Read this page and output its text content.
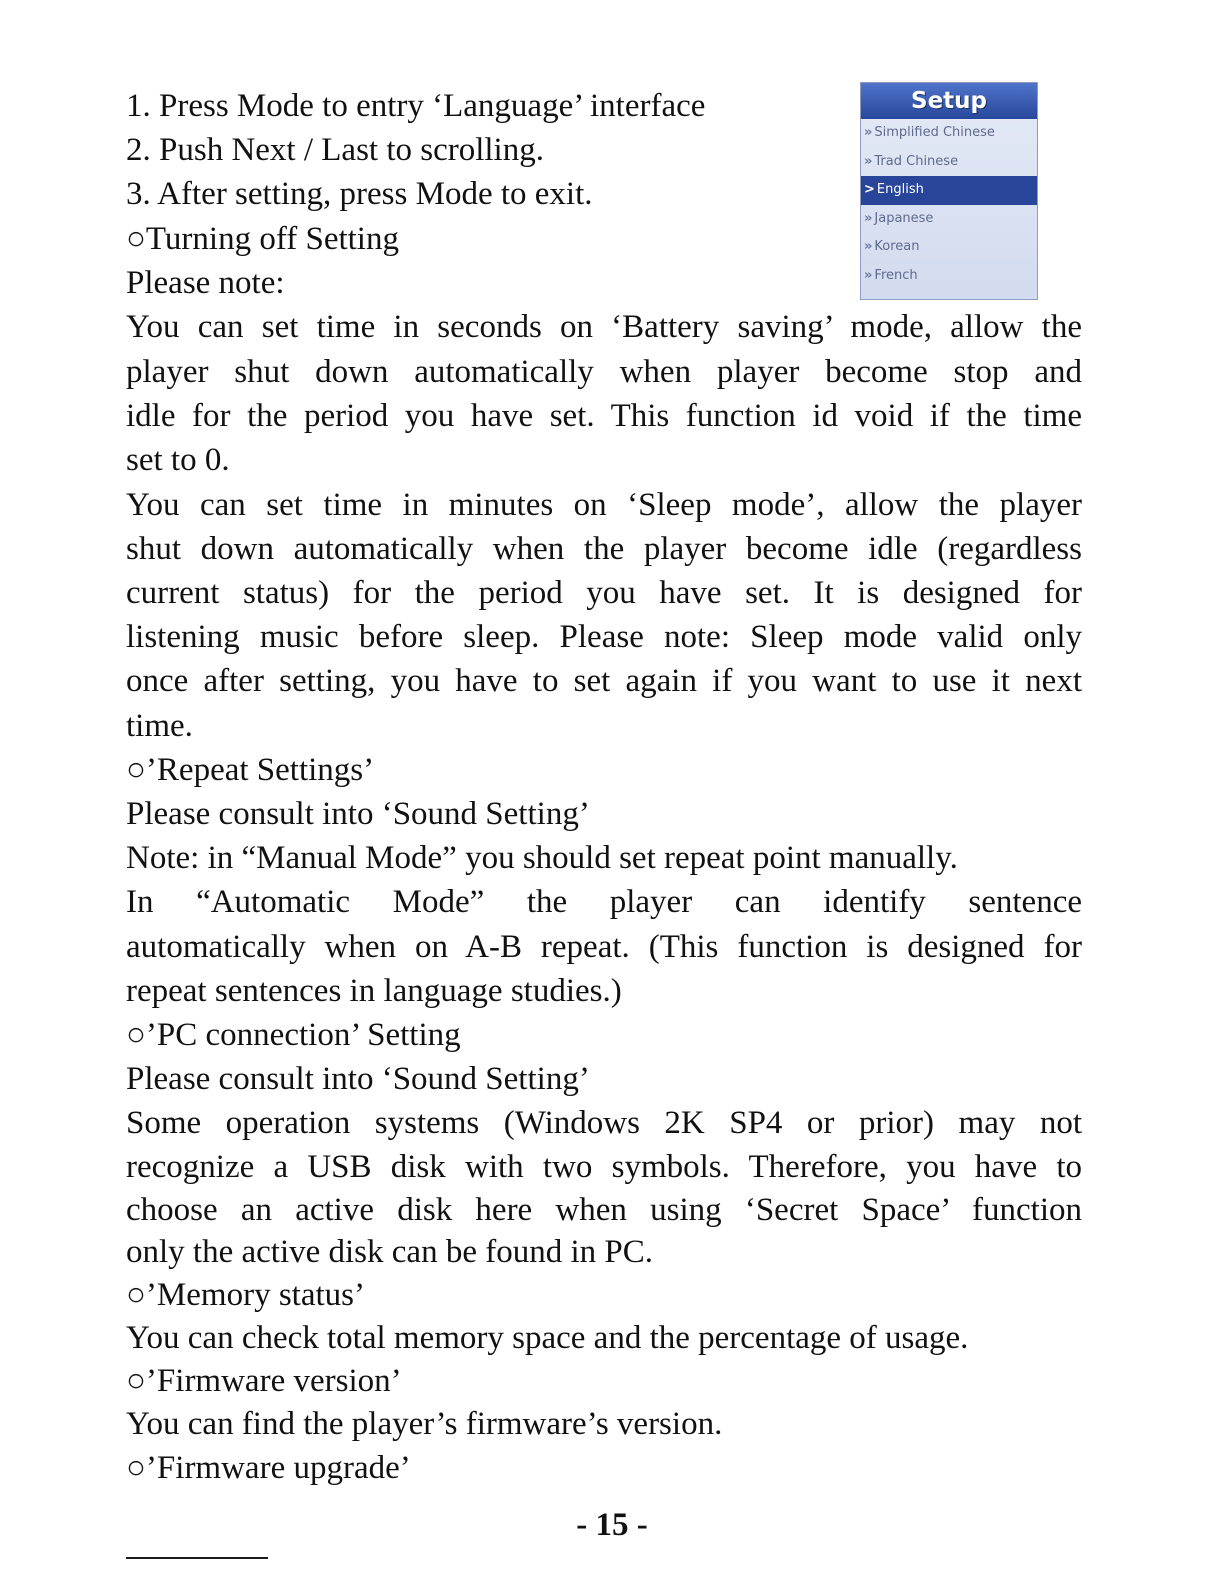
Setup
» Simplified Chinese
» Trad Chinese
> English
» Japanese
» Korean
» French
1. Press Mode to entry ‘Language’ interface
2. Push Next / Last to scrolling.
3. After setting, press Mode to exit.
○Turning off Setting
Please note:
You can set time in seconds on ‘Battery saving’ mode, allow the
player shut down automatically when player become stop and
idle for the period you have set. This function id void if the time
set to 0.
You can set time in minutes on ‘Sleep mode’, allow the player
shut down automatically when the player become idle (regardless
current status) for the period you have set. It is designed for
listening music before sleep. Please note: Sleep mode valid only
once after setting, you have to set again if you want to use it next
time.
○’Repeat Settings’
Please consult into ‘Sound Setting’
Note: in “Manual Mode” you should set repeat point manually.
In “Automatic Mode” the player can identify sentence
automatically when on A-B repeat. (This function is designed for
repeat sentences in language studies.)
○’PC connection’ Setting
Please consult into ‘Sound Setting’
Some operation systems (Windows 2K SP4 or prior) may not
recognize a USB disk with two symbols. Therefore, you have to
choose an active disk here when using ‘Secret Space’ function
only the active disk can be found in PC.
○’Memory status’
You can check total memory space and the percentage of usage.
○’Firmware version’
You can find the player’s firmware’s version.
○’Firmware upgrade’
- 15 -
